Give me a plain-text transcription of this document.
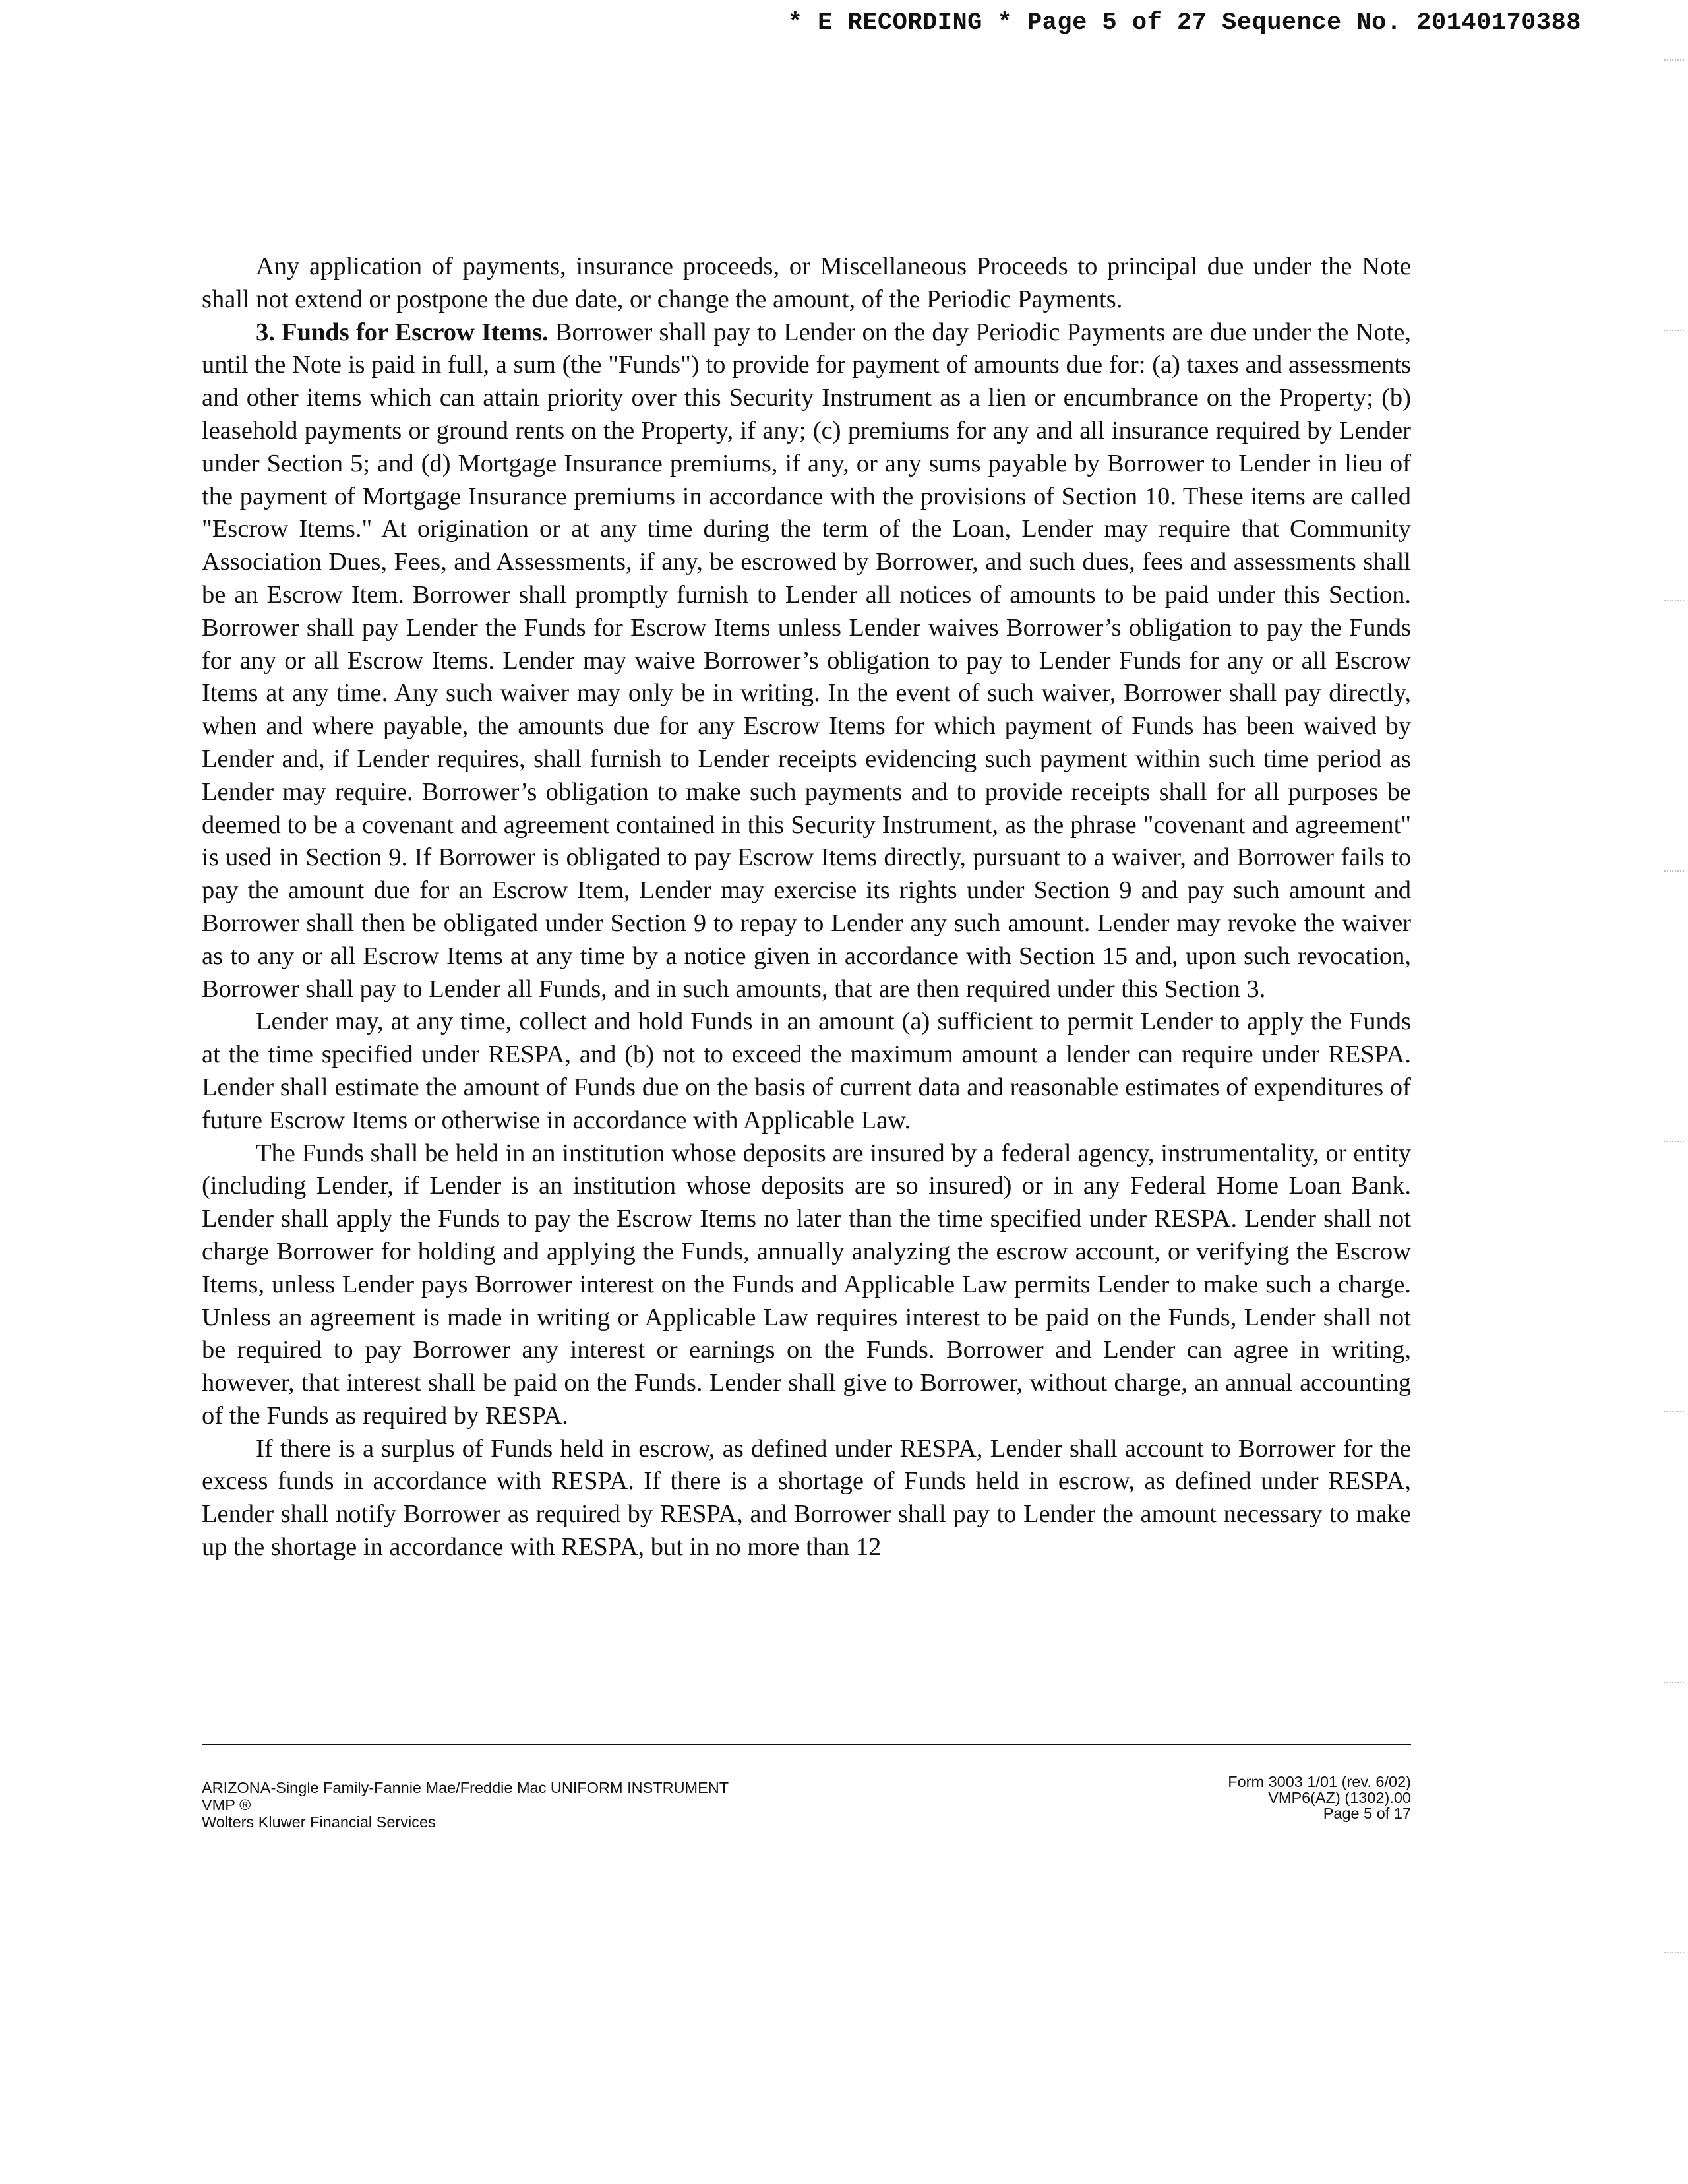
* E RECORDING * Page 5 of 27 Sequence No. 20140170388

Any application of payments, insurance proceeds, or Miscellaneous Proceeds to principal due under the Note shall not extend or postpone the due date, or change the amount, of the Periodic Payments.

3. Funds for Escrow Items. Borrower shall pay to Lender on the day Periodic Payments are due under the Note, until the Note is paid in full, a sum (the "Funds") to provide for payment of amounts due for: (a) taxes and assessments and other items which can attain priority over this Security Instrument as a lien or encumbrance on the Property; (b) leasehold payments or ground rents on the Property, if any; (c) premiums for any and all insurance required by Lender under Section 5; and (d) Mortgage Insurance premiums, if any, or any sums payable by Borrower to Lender in lieu of the payment of Mortgage Insurance premiums in accordance with the provisions of Section 10. These items are called "Escrow Items." At origination or at any time during the term of the Loan, Lender may require that Community Association Dues, Fees, and Assessments, if any, be escrowed by Borrower, and such dues, fees and assessments shall be an Escrow Item. Borrower shall promptly furnish to Lender all notices of amounts to be paid under this Section. Borrower shall pay Lender the Funds for Escrow Items unless Lender waives Borrower’s obligation to pay the Funds for any or all Escrow Items. Lender may waive Borrower’s obligation to pay to Lender Funds for any or all Escrow Items at any time. Any such waiver may only be in writing. In the event of such waiver, Borrower shall pay directly, when and where payable, the amounts due for any Escrow Items for which payment of Funds has been waived by Lender and, if Lender requires, shall furnish to Lender receipts evidencing such payment within such time period as Lender may require. Borrower’s obligation to make such payments and to provide receipts shall for all purposes be deemed to be a covenant and agreement contained in this Security Instrument, as the phrase "covenant and agreement" is used in Section 9. If Borrower is obligated to pay Escrow Items directly, pursuant to a waiver, and Borrower fails to pay the amount due for an Escrow Item, Lender may exercise its rights under Section 9 and pay such amount and Borrower shall then be obligated under Section 9 to repay to Lender any such amount. Lender may revoke the waiver as to any or all Escrow Items at any time by a notice given in accordance with Section 15 and, upon such revocation, Borrower shall pay to Lender all Funds, and in such amounts, that are then required under this Section 3.

Lender may, at any time, collect and hold Funds in an amount (a) sufficient to permit Lender to apply the Funds at the time specified under RESPA, and (b) not to exceed the maximum amount a lender can require under RESPA. Lender shall estimate the amount of Funds due on the basis of current data and reasonable estimates of expenditures of future Escrow Items or otherwise in accordance with Applicable Law.

The Funds shall be held in an institution whose deposits are insured by a federal agency, instrumentality, or entity (including Lender, if Lender is an institution whose deposits are so insured) or in any Federal Home Loan Bank. Lender shall apply the Funds to pay the Escrow Items no later than the time specified under RESPA. Lender shall not charge Borrower for holding and applying the Funds, annually analyzing the escrow account, or verifying the Escrow Items, unless Lender pays Borrower interest on the Funds and Applicable Law permits Lender to make such a charge. Unless an agreement is made in writing or Applicable Law requires interest to be paid on the Funds, Lender shall not be required to pay Borrower any interest or earnings on the Funds. Borrower and Lender can agree in writing, however, that interest shall be paid on the Funds. Lender shall give to Borrower, without charge, an annual accounting of the Funds as required by RESPA.

If there is a surplus of Funds held in escrow, as defined under RESPA, Lender shall account to Borrower for the excess funds in accordance with RESPA. If there is a shortage of Funds held in escrow, as defined under RESPA, Lender shall notify Borrower as required by RESPA, and Borrower shall pay to Lender the amount necessary to make up the shortage in accordance with RESPA, but in no more than 12

ARIZONA-Single Family-Fannie Mae/Freddie Mac UNIFORM INSTRUMENT
VMP ®
Wolters Kluwer Financial Services
Form 3003 1/01 (rev. 6/02)
VMP6(AZ) (1302).00
Page 5 of 17
